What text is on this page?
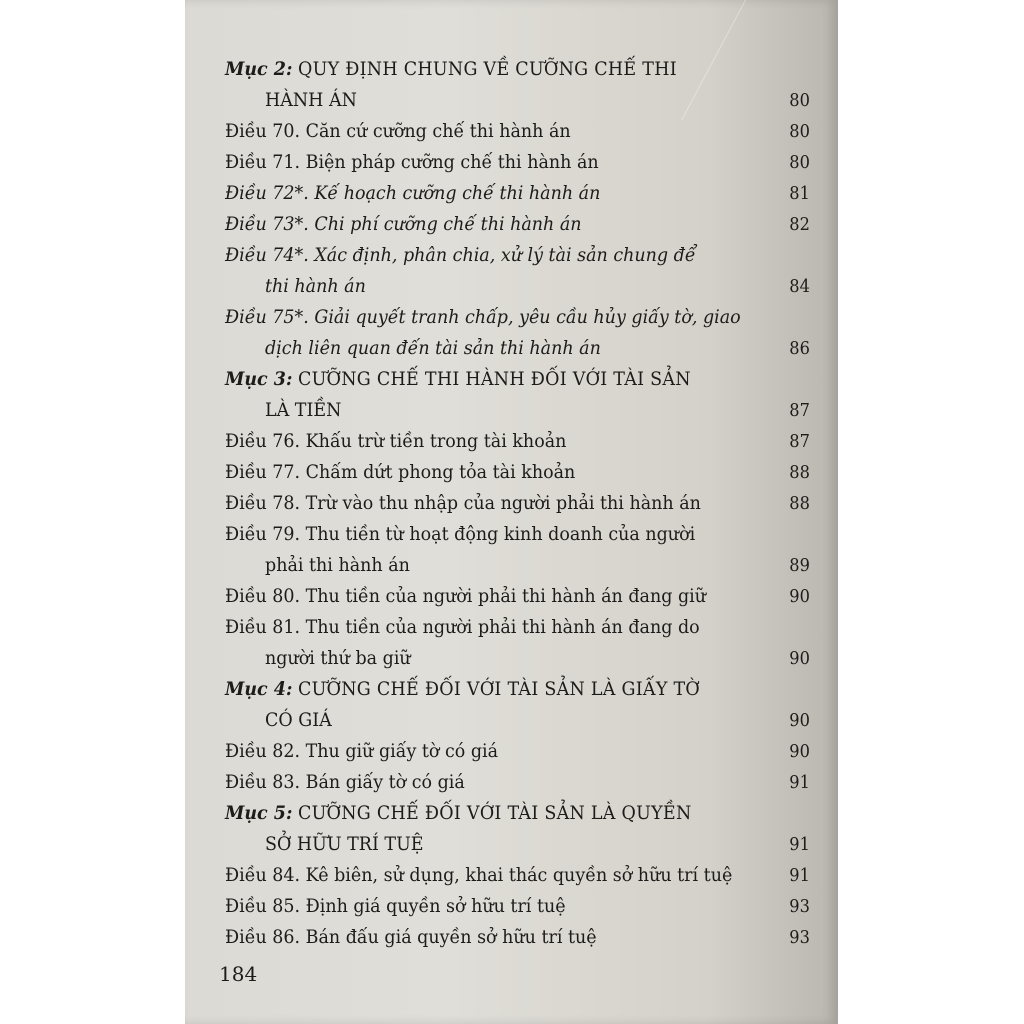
Mục 2: QUY ĐỊNH CHUNG VỀ CƯỠNG CHẾ THI
HÀNH ÁN	80
Điều 70. Căn cứ cưỡng chế thi hành án	80
Điều 71. Biện pháp cưỡng chế thi hành án	80
Điều 72*. Kế hoạch cưỡng chế thi hành án	81
Điều 73*. Chi phí cưỡng chế thi hành án	82
Điều 74*. Xác định, phân chia, xử lý tài sản chung để
thi hành án	84
Điều 75*. Giải quyết tranh chấp, yêu cầu hủy giấy tờ, giao
dịch liên quan đến tài sản thi hành án	86
Mục 3: CƯỠNG CHẾ THI HÀNH ĐỐI VỚI TÀI SẢN
LÀ TIỀN	87
Điều 76. Khấu trừ tiền trong tài khoản	87
Điều 77. Chấm dứt phong tỏa tài khoản	88
Điều 78. Trừ vào thu nhập của người phải thi hành án	88
Điều 79. Thu tiền từ hoạt động kinh doanh của người
phải thi hành án	89
Điều 80. Thu tiền của người phải thi hành án đang giữ	90
Điều 81. Thu tiền của người phải thi hành án đang do
người thứ ba giữ	90
Mục 4: CƯỠNG CHẾ ĐỐI VỚI TÀI SẢN LÀ GIẤY TỜ
CÓ GIÁ	90
Điều 82. Thu giữ giấy tờ có giá	90
Điều 83. Bán giấy tờ có giá	91
Mục 5: CƯỠNG CHẾ ĐỐI VỚI TÀI SẢN LÀ QUYỀN
SỞ HỮU TRÍ TUỆ	91
Điều 84. Kê biên, sử dụng, khai thác quyền sở hữu trí tuệ	91
Điều 85. Định giá quyền sở hữu trí tuệ	93
Điều 86. Bán đấu giá quyền sở hữu trí tuệ	93
184
